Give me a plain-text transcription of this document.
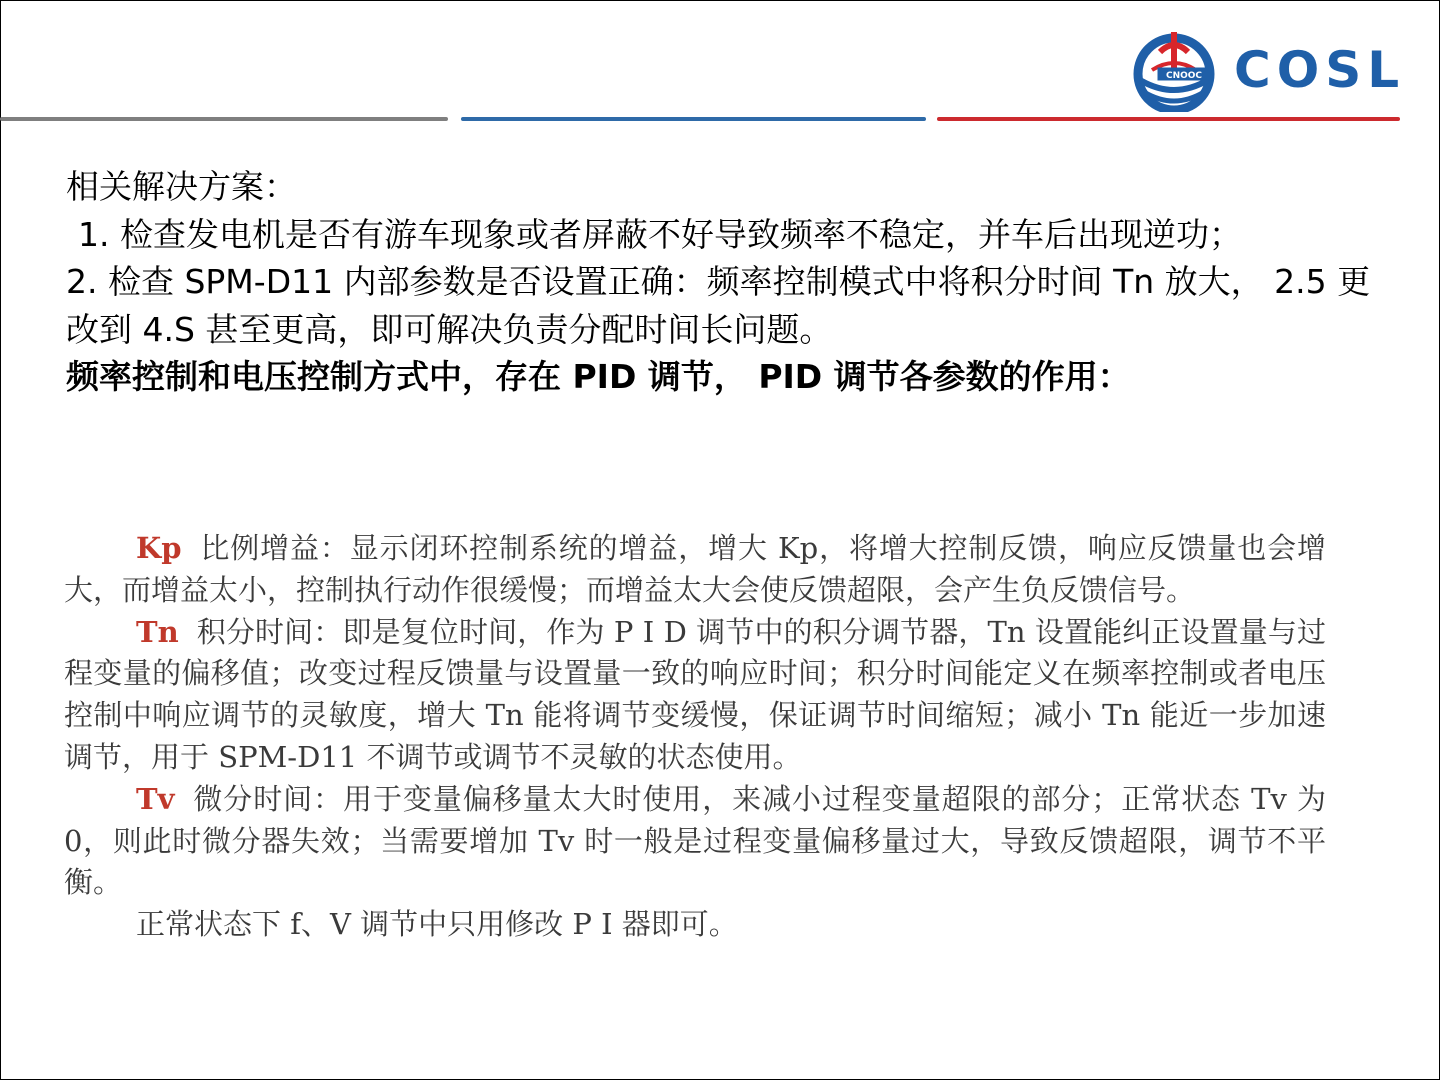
CNOOC COSL
相关解决方案：
1. 检查发电机是否有游车现象或者屏蔽不好导致频率不稳定，并车后出现逆功；
2. 检查 SPM-D11 内部参数是否设置正确：频率控制模式中将积分时间 Tn 放大， 2.5 更改到 4.S 甚至更高，即可解决负责分配时间长问题。
频率控制和电压控制方式中，存在 PID 调节， PID 调节各参数的作用：

Kp 比例增益：显示闭环控制系统的增益，增大 Kp，将增大控制反馈，响应反馈量也会增大，而增益太小，控制执行动作很缓慢；而增益太大会使反馈超限，会产生负反馈信号。

Tn 积分时间：即是复位时间，作为 P I D 调节中的积分调节器，Tn 设置能纠正设置量与过程变量的偏移值；改变过程反馈量与设置量一致的响应时间；积分时间能定义在频率控制或者电压控制中响应调节的灵敏度，增大 Tn 能将调节变缓慢，保证调节时间缩短；减小 Tn 能近一步加速调节，用于 SPM-D11 不调节或调节不灵敏的状态使用。

Tv 微分时间：用于变量偏移量太大时使用，来减小过程变量超限的部分；正常状态 Tv 为 0，则此时微分器失效；当需要增加 Tv 时一般是过程变量偏移量过大，导致反馈超限，调节不平衡。

正常状态下 f、V 调节中只用修改 P I 器即可。
